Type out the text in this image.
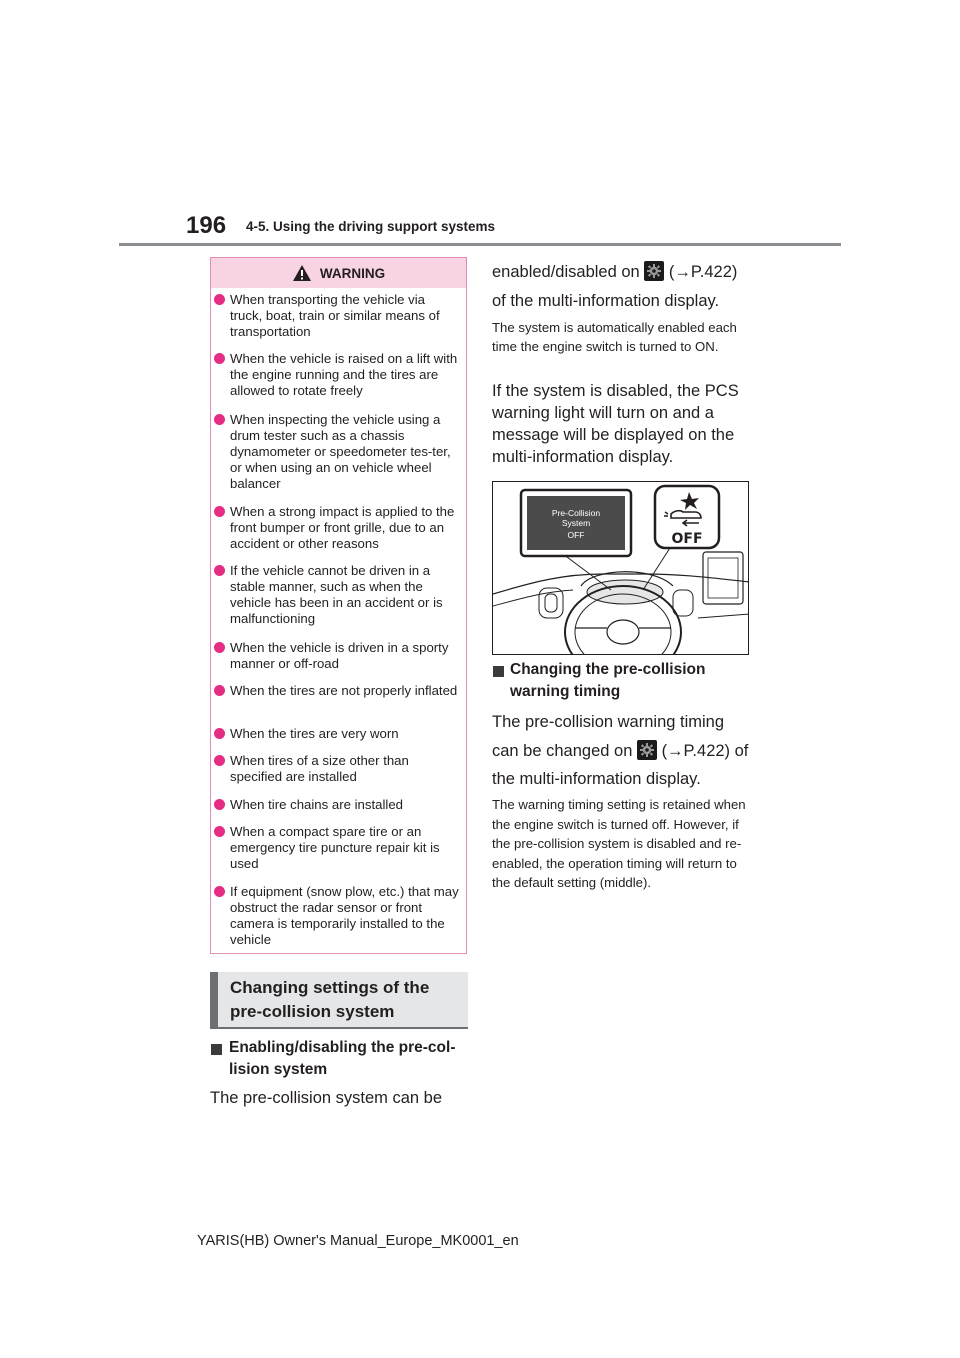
196 4-5. Using the driving support systems
WARNING
When transporting the vehicle via truck, boat, train or similar means of transportation
When the vehicle is raised on a lift with the engine running and the tires are allowed to rotate freely
When inspecting the vehicle using a drum tester such as a chassis dynamometer or speedometer tes-ter, or when using an on vehicle wheel balancer
When a strong impact is applied to the front bumper or front grille, due to an accident or other reasons
If the vehicle cannot be driven in a stable manner, such as when the vehicle has been in an accident or is malfunctioning
When the vehicle is driven in a sporty manner or off-road
When the tires are not properly inflated
When the tires are very worn
When tires of a size other than specified are installed
When tire chains are installed
When a compact spare tire or an emergency tire puncture repair kit is used
If equipment (snow plow, etc.) that may obstruct the radar sensor or front camera is temporarily installed to the vehicle
Changing settings of the
pre-collision system
Enabling/disabling the pre-col-
lision system
The pre-collision system can be
enabled/disabled on (→P.422)
of the multi-information display.
The system is automatically enabled each time the engine switch is turned to ON.
If the system is disabled, the PCS
warning light will turn on and a
message will be displayed on the
multi-information display.
Pre-Collision
System
OFF	OFF
Changing the pre-collision
warning timing
The pre-collision warning timing
can be changed on (→P.422) of
the multi-information display.
The warning timing setting is retained when the engine switch is turned off. However, if the pre-collision system is disabled and re-enabled, the operation timing will return to the default setting (middle).
YARIS(HB) Owner's Manual_Europe_MK0001_en
